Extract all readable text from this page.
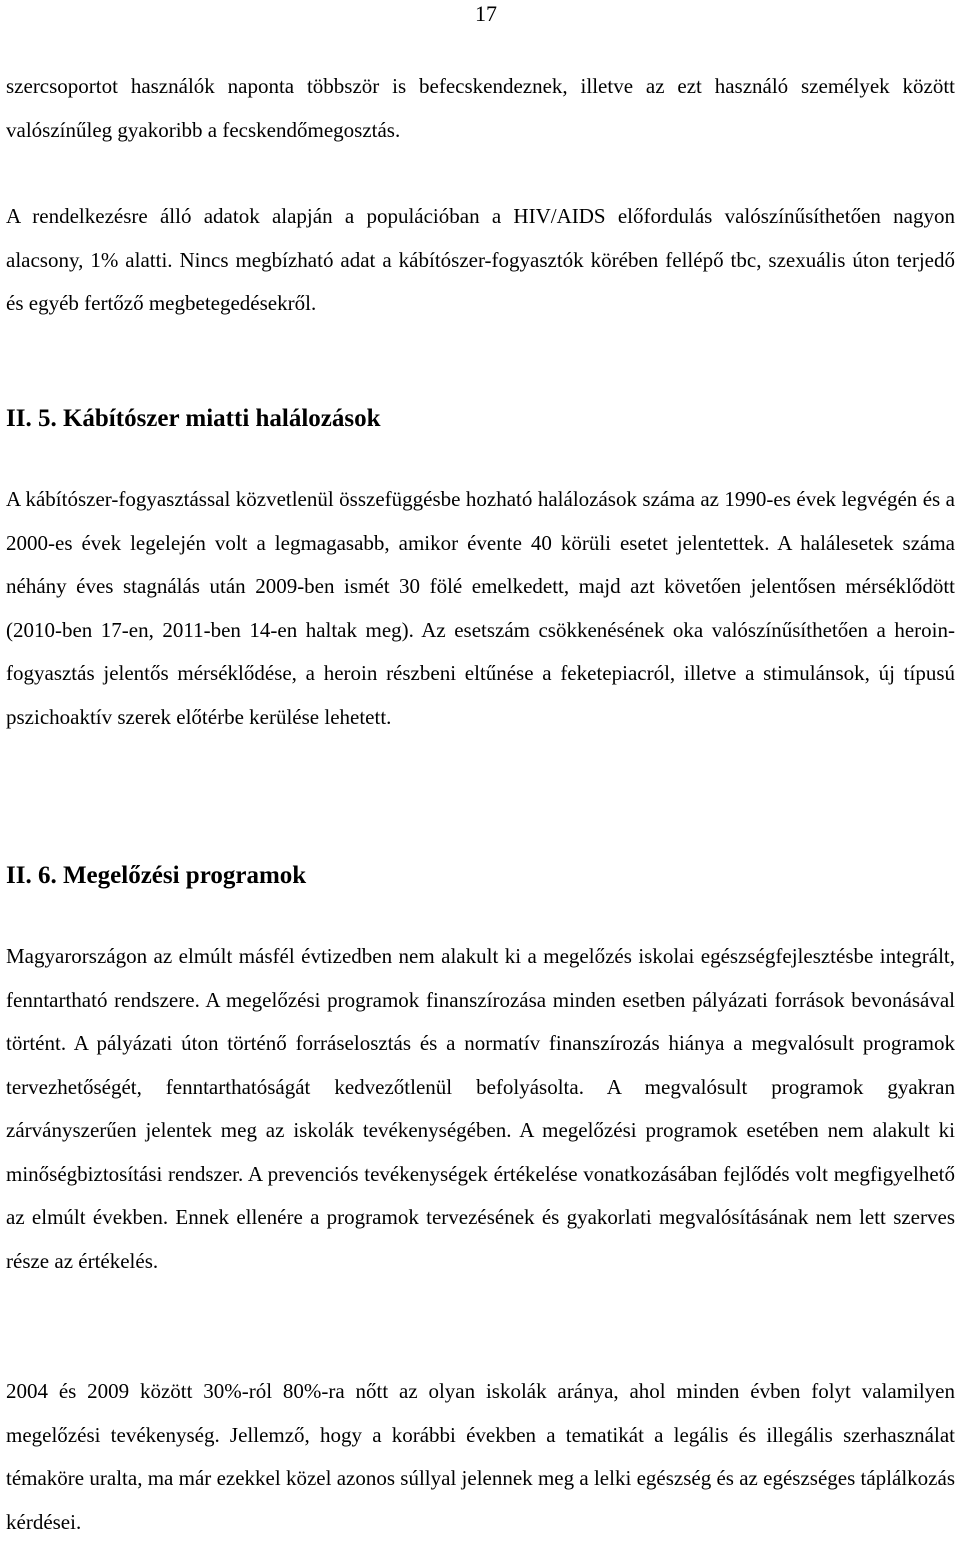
17

szercsoportot használók naponta többször is befecskendeznek, illetve az ezt használó személyek között valószínűleg gyakoribb a fecskendőmegosztás.

A rendelkezésre álló adatok alapján a populációban a HIV/AIDS előfordulás valószínűsíthetően nagyon alacsony, 1% alatti. Nincs megbízható adat a kábítószer-fogyasztók körében fellépő tbc, szexuális úton terjedő és egyéb fertőző megbetegedésekről.

II. 5. Kábítószer miatti halálozások

A kábítószer-fogyasztással közvetlenül összefüggésbe hozható halálozások száma az 1990-es évek legvégén és a 2000-es évek legelején volt a legmagasabb, amikor évente 40 körüli esetet jelentettek. A halálesetek száma néhány éves stagnálás után 2009-ben ismét 30 fölé emelkedett, majd azt követően jelentősen mérséklődött (2010-ben 17-en, 2011-ben 14-en haltak meg). Az esetszám csökkenésének oka valószínűsíthetően a heroin-fogyasztás jelentős mérséklődése, a heroin részbeni eltűnése a feketepiacról, illetve a stimulánsok, új típusú pszichoaktív szerek előtérbe kerülése lehetett.

II. 6. Megelőzési programok

Magyarországon az elmúlt másfél évtizedben nem alakult ki a megelőzés iskolai egészségfejlesztésbe integrált, fenntartható rendszere. A megelőzési programok finanszírozása minden esetben pályázati források bevonásával történt. A pályázati úton történő forráselosztás és a normatív finanszírozás hiánya a megvalósult programok tervezhetőségét, fenntarthatóságát kedvezőtlenül befolyásolta. A megvalósult programok gyakran zárványszerűen jelentek meg az iskolák tevékenységében. A megelőzési programok esetében nem alakult ki minőségbiztosítási rendszer. A prevenciós tevékenységek értékelése vonatkozásában fejlődés volt megfigyelhető az elmúlt években. Ennek ellenére a programok tervezésének és gyakorlati megvalósításának nem lett szerves része az értékelés.

2004 és 2009 között 30%-ról 80%-ra nőtt az olyan iskolák aránya, ahol minden évben folyt valamilyen megelőzési tevékenység. Jellemző, hogy a korábbi években a tematikát a legális és illegális szerhasználat témaköre uralta, ma már ezekkel közel azonos súllyal jelennek meg a lelki egészség és az egészséges táplálkozás kérdései.
